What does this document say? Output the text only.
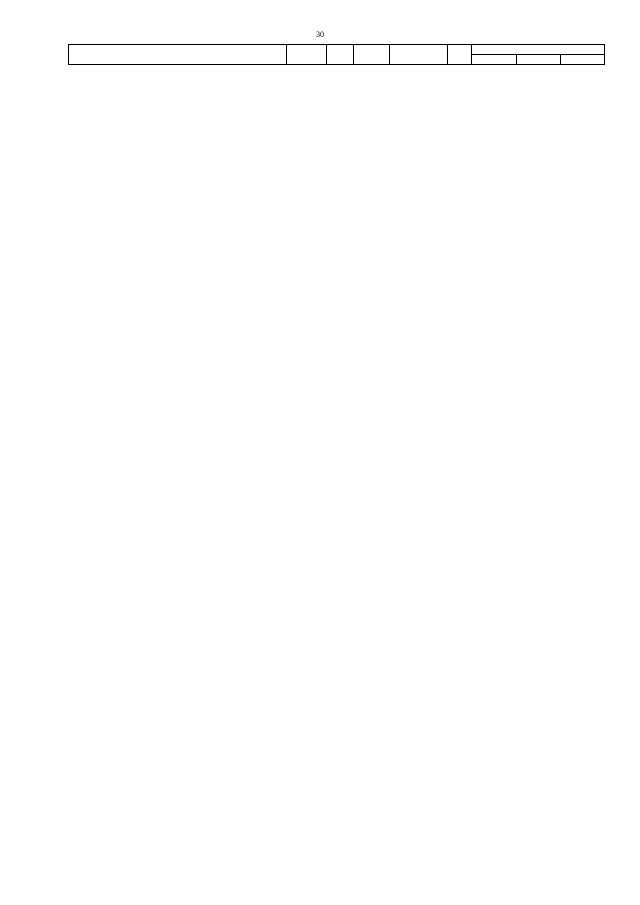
30
